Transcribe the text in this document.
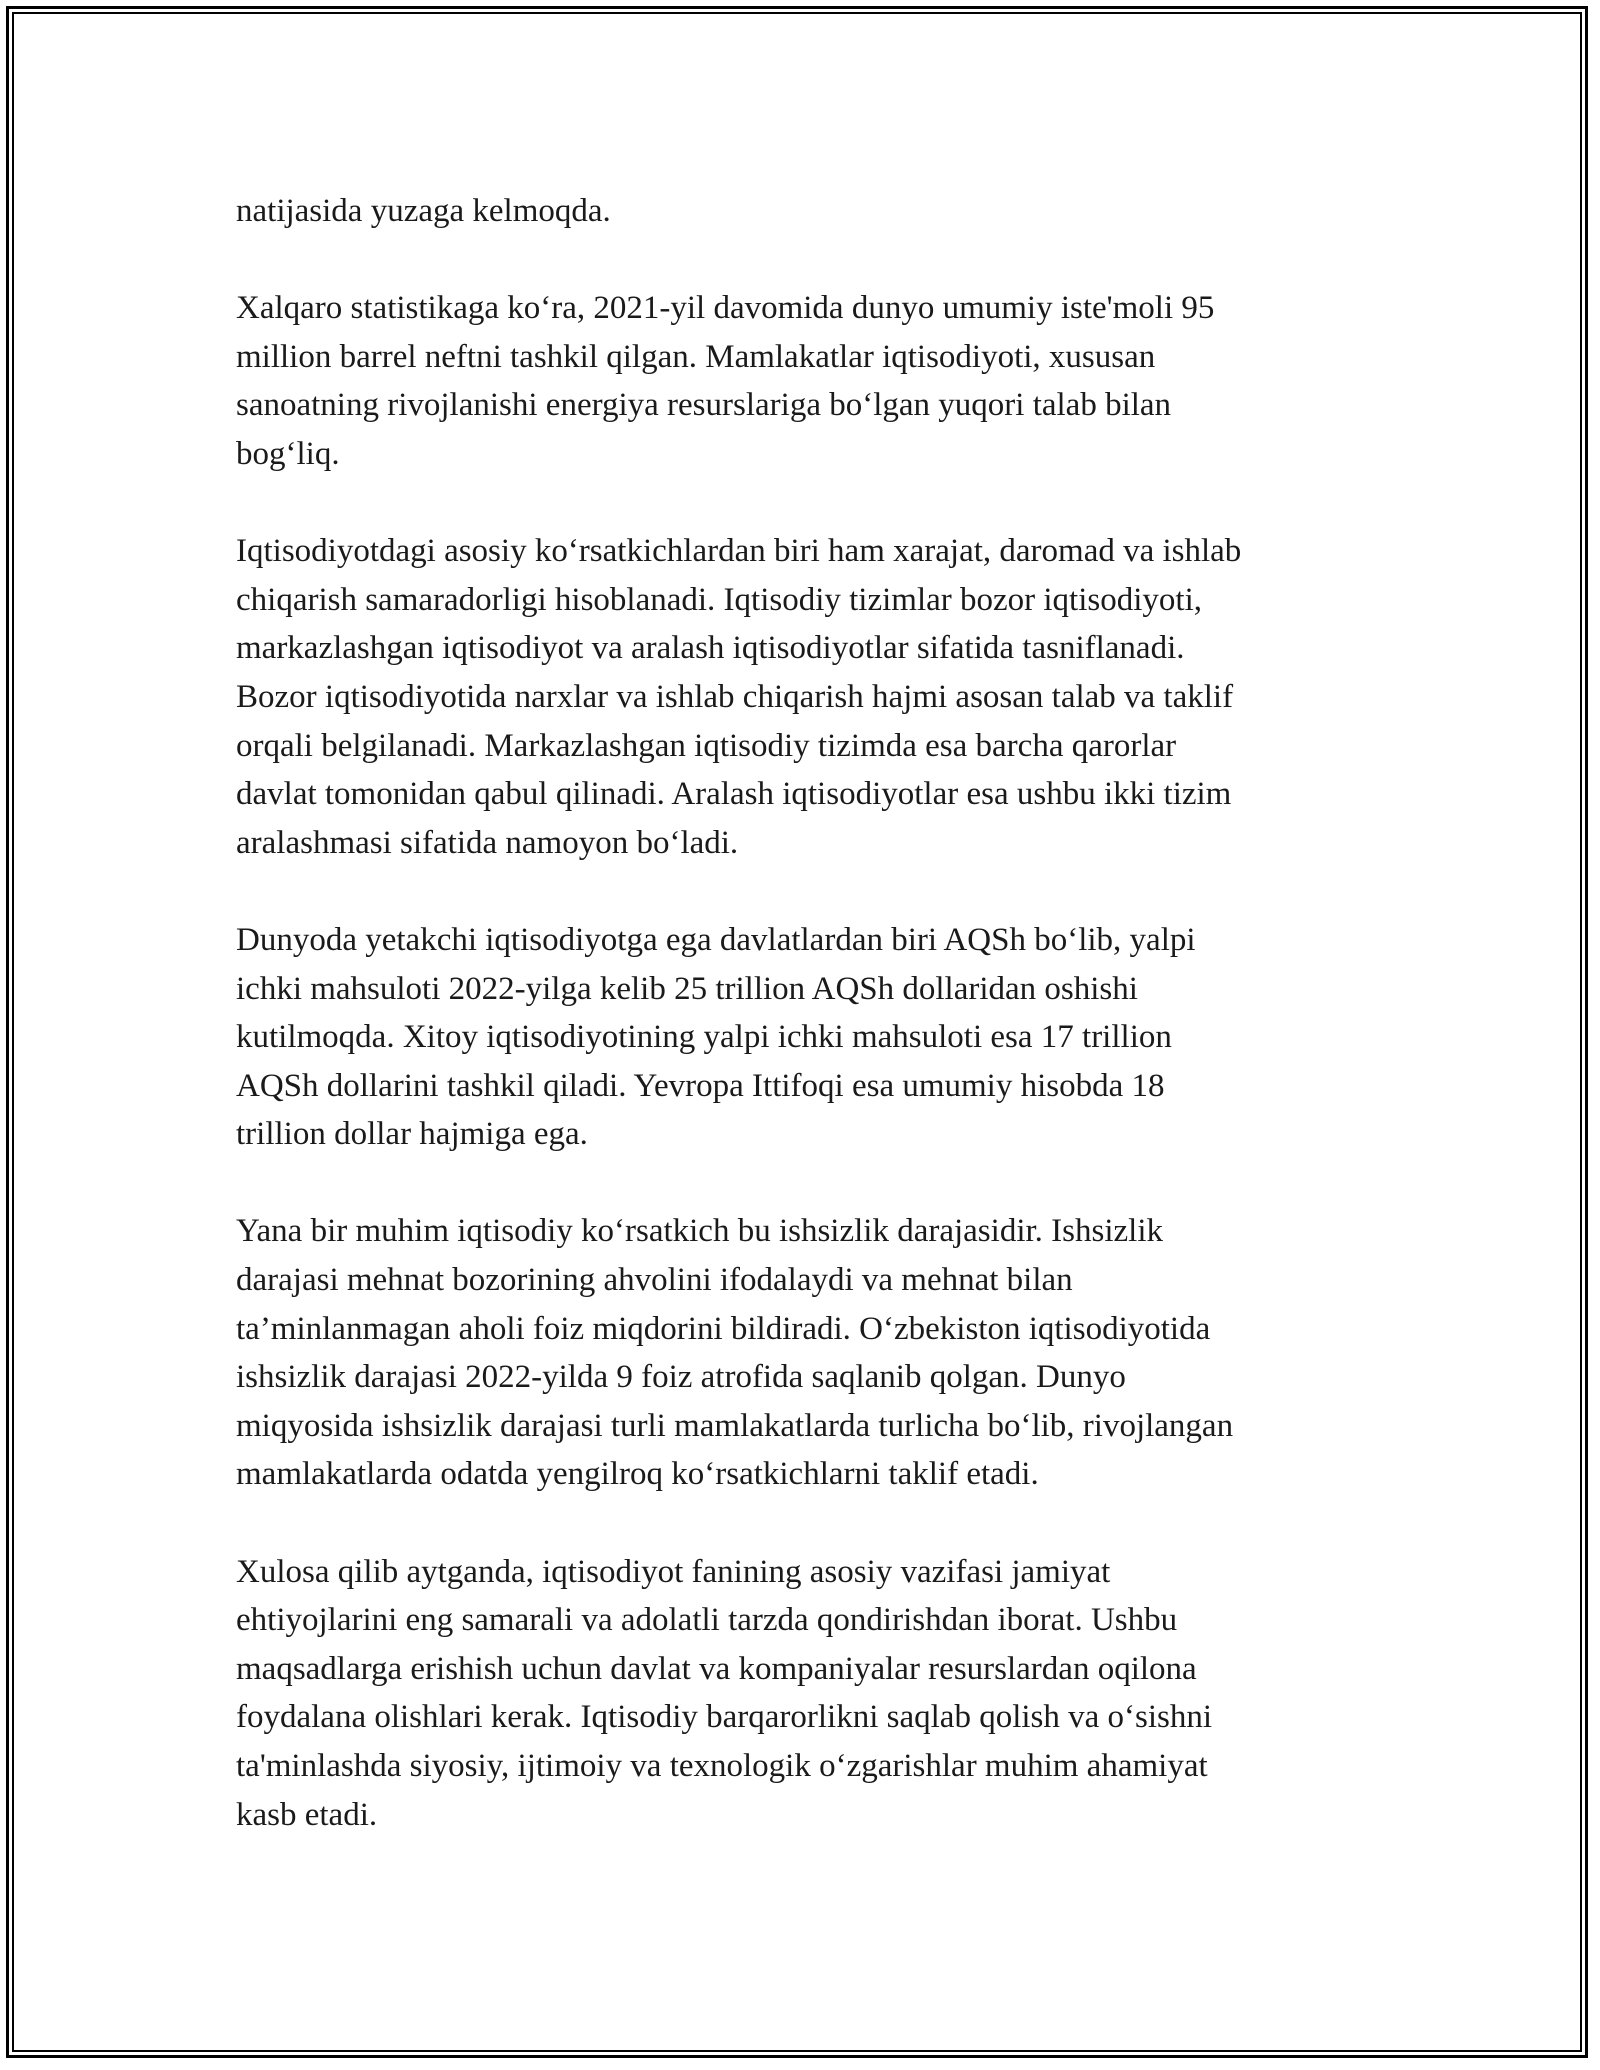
natijasida yuzaga kelmoqda.

Xalqaro statistikaga ko‘ra, 2021-yil davomida dunyo umumiy iste'moli 95
million barrel neftni tashkil qilgan. Mamlakatlar iqtisodiyoti, xususan
sanoatning rivojlanishi energiya resurslariga bo‘lgan yuqori talab bilan
bog‘liq.

Iqtisodiyotdagi asosiy ko‘rsatkichlardan biri ham xarajat, daromad va ishlab
chiqarish samaradorligi hisoblanadi. Iqtisodiy tizimlar bozor iqtisodiyoti,
markazlashgan iqtisodiyot va aralash iqtisodiyotlar sifatida tasniflanadi.
Bozor iqtisodiyotida narxlar va ishlab chiqarish hajmi asosan talab va taklif
orqali belgilanadi. Markazlashgan iqtisodiy tizimda esa barcha qarorlar
davlat tomonidan qabul qilinadi. Aralash iqtisodiyotlar esa ushbu ikki tizim
aralashmasi sifatida namoyon bo‘ladi.

Dunyoda yetakchi iqtisodiyotga ega davlatlardan biri AQSh bo‘lib, yalpi
ichki mahsuloti 2022-yilga kelib 25 trillion AQSh dollaridan oshishi
kutilmoqda. Xitoy iqtisodiyotining yalpi ichki mahsuloti esa 17 trillion
AQSh dollarini tashkil qiladi. Yevropa Ittifoqi esa umumiy hisobda 18
trillion dollar hajmiga ega.

Yana bir muhim iqtisodiy ko‘rsatkich bu ishsizlik darajasidir. Ishsizlik
darajasi mehnat bozorining ahvolini ifodalaydi va mehnat bilan
ta’minlanmagan aholi foiz miqdorini bildiradi. O‘zbekiston iqtisodiyotida
ishsizlik darajasi 2022-yilda 9 foiz atrofida saqlanib qolgan. Dunyo
miqyosida ishsizlik darajasi turli mamlakatlarda turlicha bo‘lib, rivojlangan
mamlakatlarda odatda yengilroq ko‘rsatkichlarni taklif etadi.

Xulosa qilib aytganda, iqtisodiyot fanining asosiy vazifasi jamiyat
ehtiyojlarini eng samarali va adolatli tarzda qondirishdan iborat. Ushbu
maqsadlarga erishish uchun davlat va kompaniyalar resurslardan oqilona
foydalana olishlari kerak. Iqtisodiy barqarorlikni saqlab qolish va o‘sishni
ta'minlashda siyosiy, ijtimoiy va texnologik o‘zgarishlar muhim ahamiyat
kasb etadi.
